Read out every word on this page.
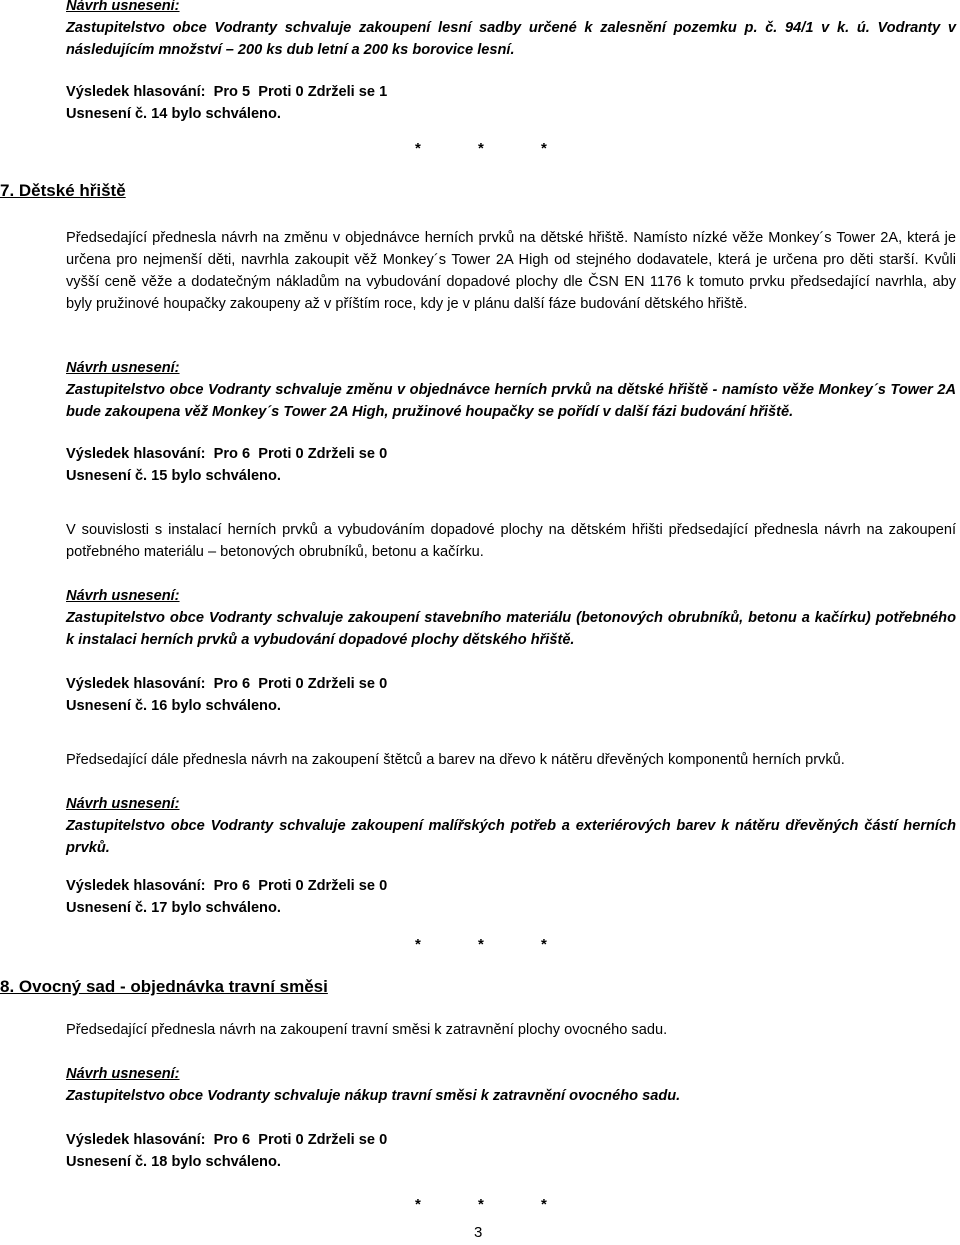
Návrh usnesení:

Zastupitelstvo obce Vodranty schvaluje zakoupení lesní sadby určené k zalesnění pozemku p. č. 94/1 v k. ú. Vodranty v následujícím množství – 200 ks dub letní a 200 ks borovice lesní.

Výsledek hlasování:  Pro 5  Proti 0 Zdrželi se 1
Usnesení č. 14 bylo schváleno.
*	*	*
7. Dětské hřiště

Předsedající přednesla návrh na změnu v objednávce herních prvků na dětské hřiště. Namísto nízké věže Monkey´s Tower 2A, která je určena pro nejmenší děti, navrhla zakoupit věž Monkey´s Tower 2A High od stejného dodavatele, která je určena pro děti starší. Kvůli vyšší ceně věže a dodatečným nákladům na vybudování dopadové plochy dle ČSN EN 1176 k tomuto prvku předsedající navrhla, aby byly pružinové houpačky zakoupeny až v příštím roce, kdy je v plánu další fáze budování dětského hřiště.

Návrh usnesení:

Zastupitelstvo obce Vodranty schvaluje změnu v objednávce herních prvků na dětské hřiště - namísto věže Monkey´s Tower 2A bude zakoupena věž Monkey´s Tower 2A High, pružinové houpačky se pořídí v další fázi budování hřiště.

Výsledek hlasování:  Pro 6  Proti 0 Zdrželi se 0
Usnesení č. 15 bylo schváleno.

V souvislosti s instalací herních prvků a vybudováním dopadové plochy na dětském hřišti předsedající přednesla návrh na zakoupení potřebného materiálu – betonových obrubníků, betonu a kačírku.

Návrh usnesení:

Zastupitelstvo obce Vodranty schvaluje zakoupení stavebního materiálu (betonových obrubníků, betonu a kačírku) potřebného k instalaci herních prvků a vybudování dopadové plochy dětského hřiště.

Výsledek hlasování:  Pro 6  Proti 0 Zdrželi se 0
Usnesení č. 16 bylo schváleno.

Předsedající dále přednesla návrh na zakoupení štětců a barev na dřevo k nátěru dřevěných komponentů herních prvků.

Návrh usnesení:

Zastupitelstvo obce Vodranty schvaluje zakoupení malířských potřeb a exteriérových barev k nátěru dřevěných částí herních prvků.

Výsledek hlasování:  Pro 6  Proti 0 Zdrželi se 0
Usnesení č. 17 bylo schváleno.
*	*	*
8. Ovocný sad - objednávka travní směsi

Předsedající přednesla návrh na zakoupení travní směsi k zatravnění plochy ovocného sadu.

Návrh usnesení:

Zastupitelstvo obce Vodranty schvaluje nákup travní směsi k zatravnění ovocného sadu.

Výsledek hlasování:  Pro 6  Proti 0 Zdrželi se 0
Usnesení č. 18 bylo schváleno.
*	*	*
3
